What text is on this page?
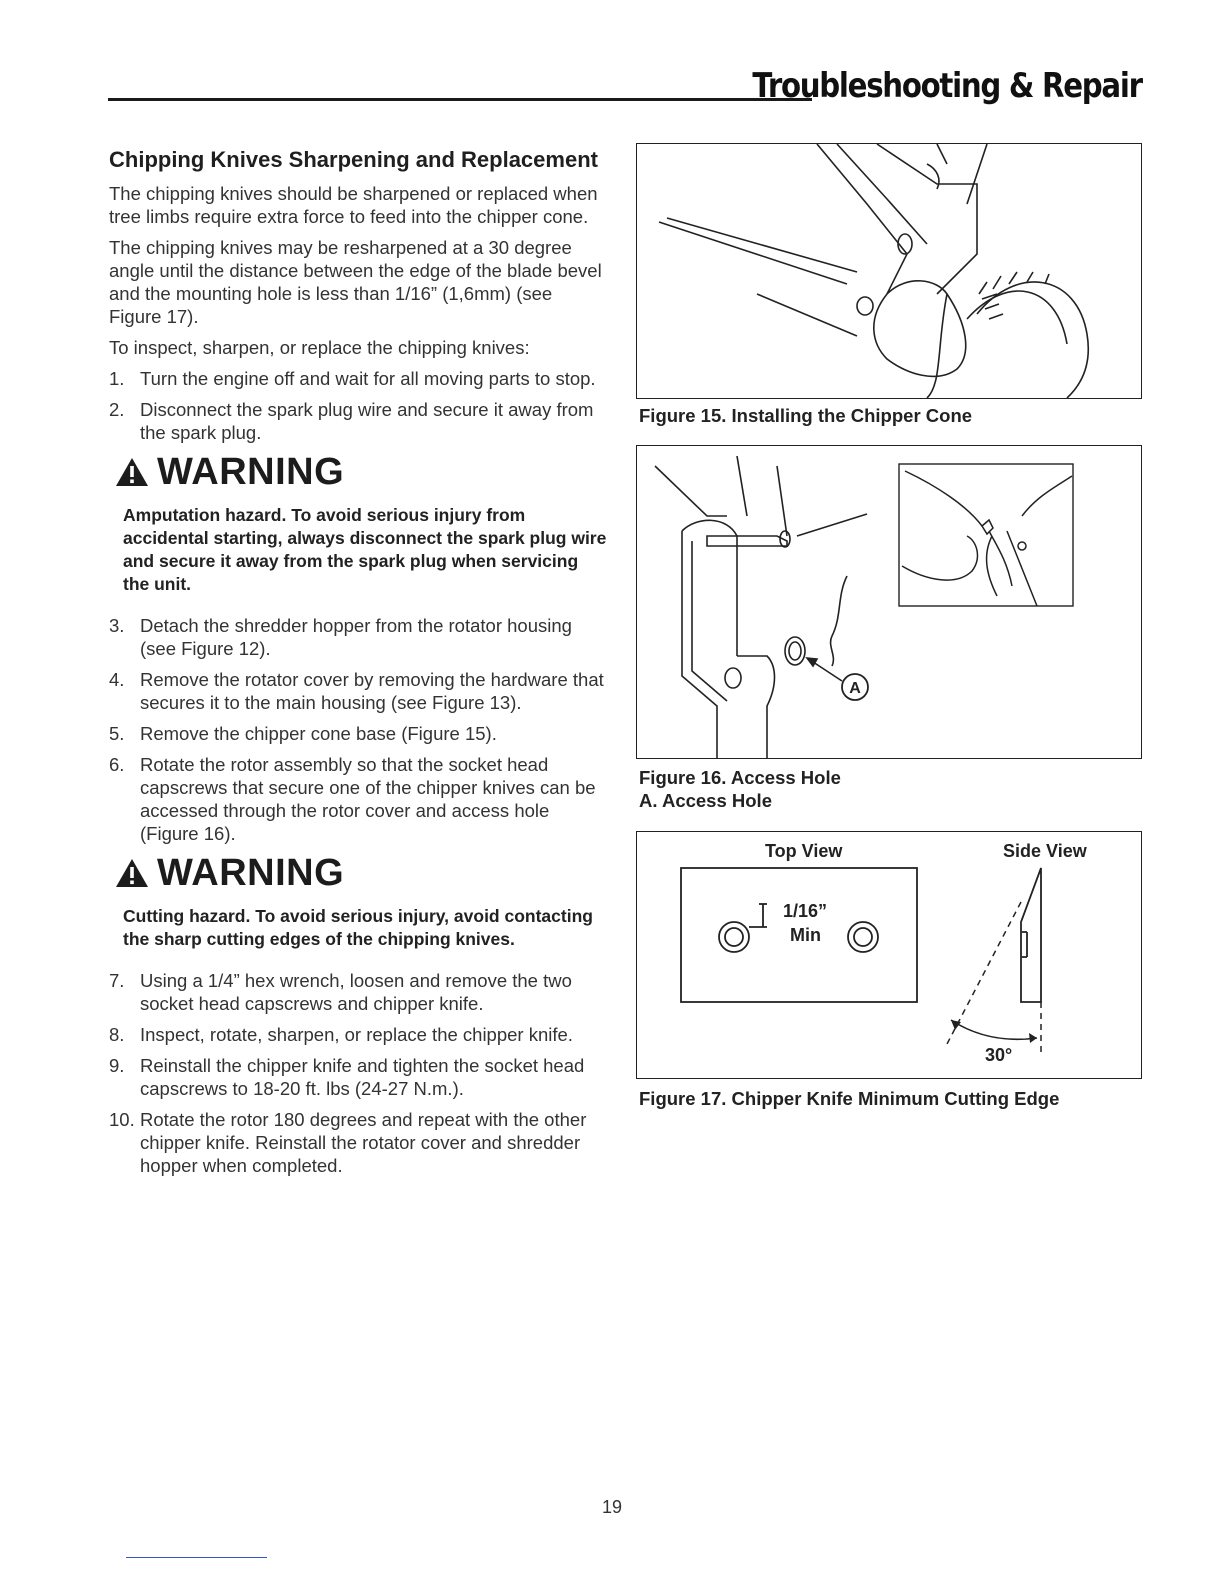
Troubleshooting & Repair
Chipping Knives Sharpening and Replacement

The chipping knives should be sharpened or replaced when tree limbs require extra force to feed into the chipper cone.

The chipping knives may be resharpened at a 30 degree angle until the distance between the edge of the blade bevel and the mounting hole is less than 1/16” (1,6mm) (see Figure 17).

To inspect, sharpen, or replace the chipping knives:

1. Turn the engine off and wait for all moving parts to stop.
2. Disconnect the spark plug wire and secure it away from the spark plug.
WARNING
Amputation hazard. To avoid serious injury from accidental starting, always disconnect the spark plug wire and secure it away from the spark plug when servicing the unit.
3. Detach the shredder hopper from the rotator housing (see Figure 12).
4. Remove the rotator cover by removing the hardware that secures it to the main housing (see Figure 13).
5. Remove the chipper cone base (Figure 15).
6. Rotate the rotor assembly so that the socket head capscrews that secure one of the chipper knives can be accessed through the rotor cover and access hole (Figure 16).
WARNING
Cutting hazard. To avoid serious injury, avoid contacting the sharp cutting edges of the chipping knives.
7. Using a 1/4” hex wrench, loosen and remove the two socket head capscrews and chipper knife.
8. Inspect, rotate, sharpen, or replace the chipper knife.
9. Reinstall the chipper knife and tighten the socket head capscrews to 18-20 ft. lbs (24-27 N.m.).
10. Rotate the rotor 180 degrees and repeat with the other chipper knife. Reinstall the rotator cover and shredder hopper when completed.
Figure 15. Installing the Chipper Cone
A
Figure 16. Access Hole
A. Access Hole
Top View	Side View
1/16”
Min
30°
Figure 17. Chipper Knife Minimum Cutting Edge
19
